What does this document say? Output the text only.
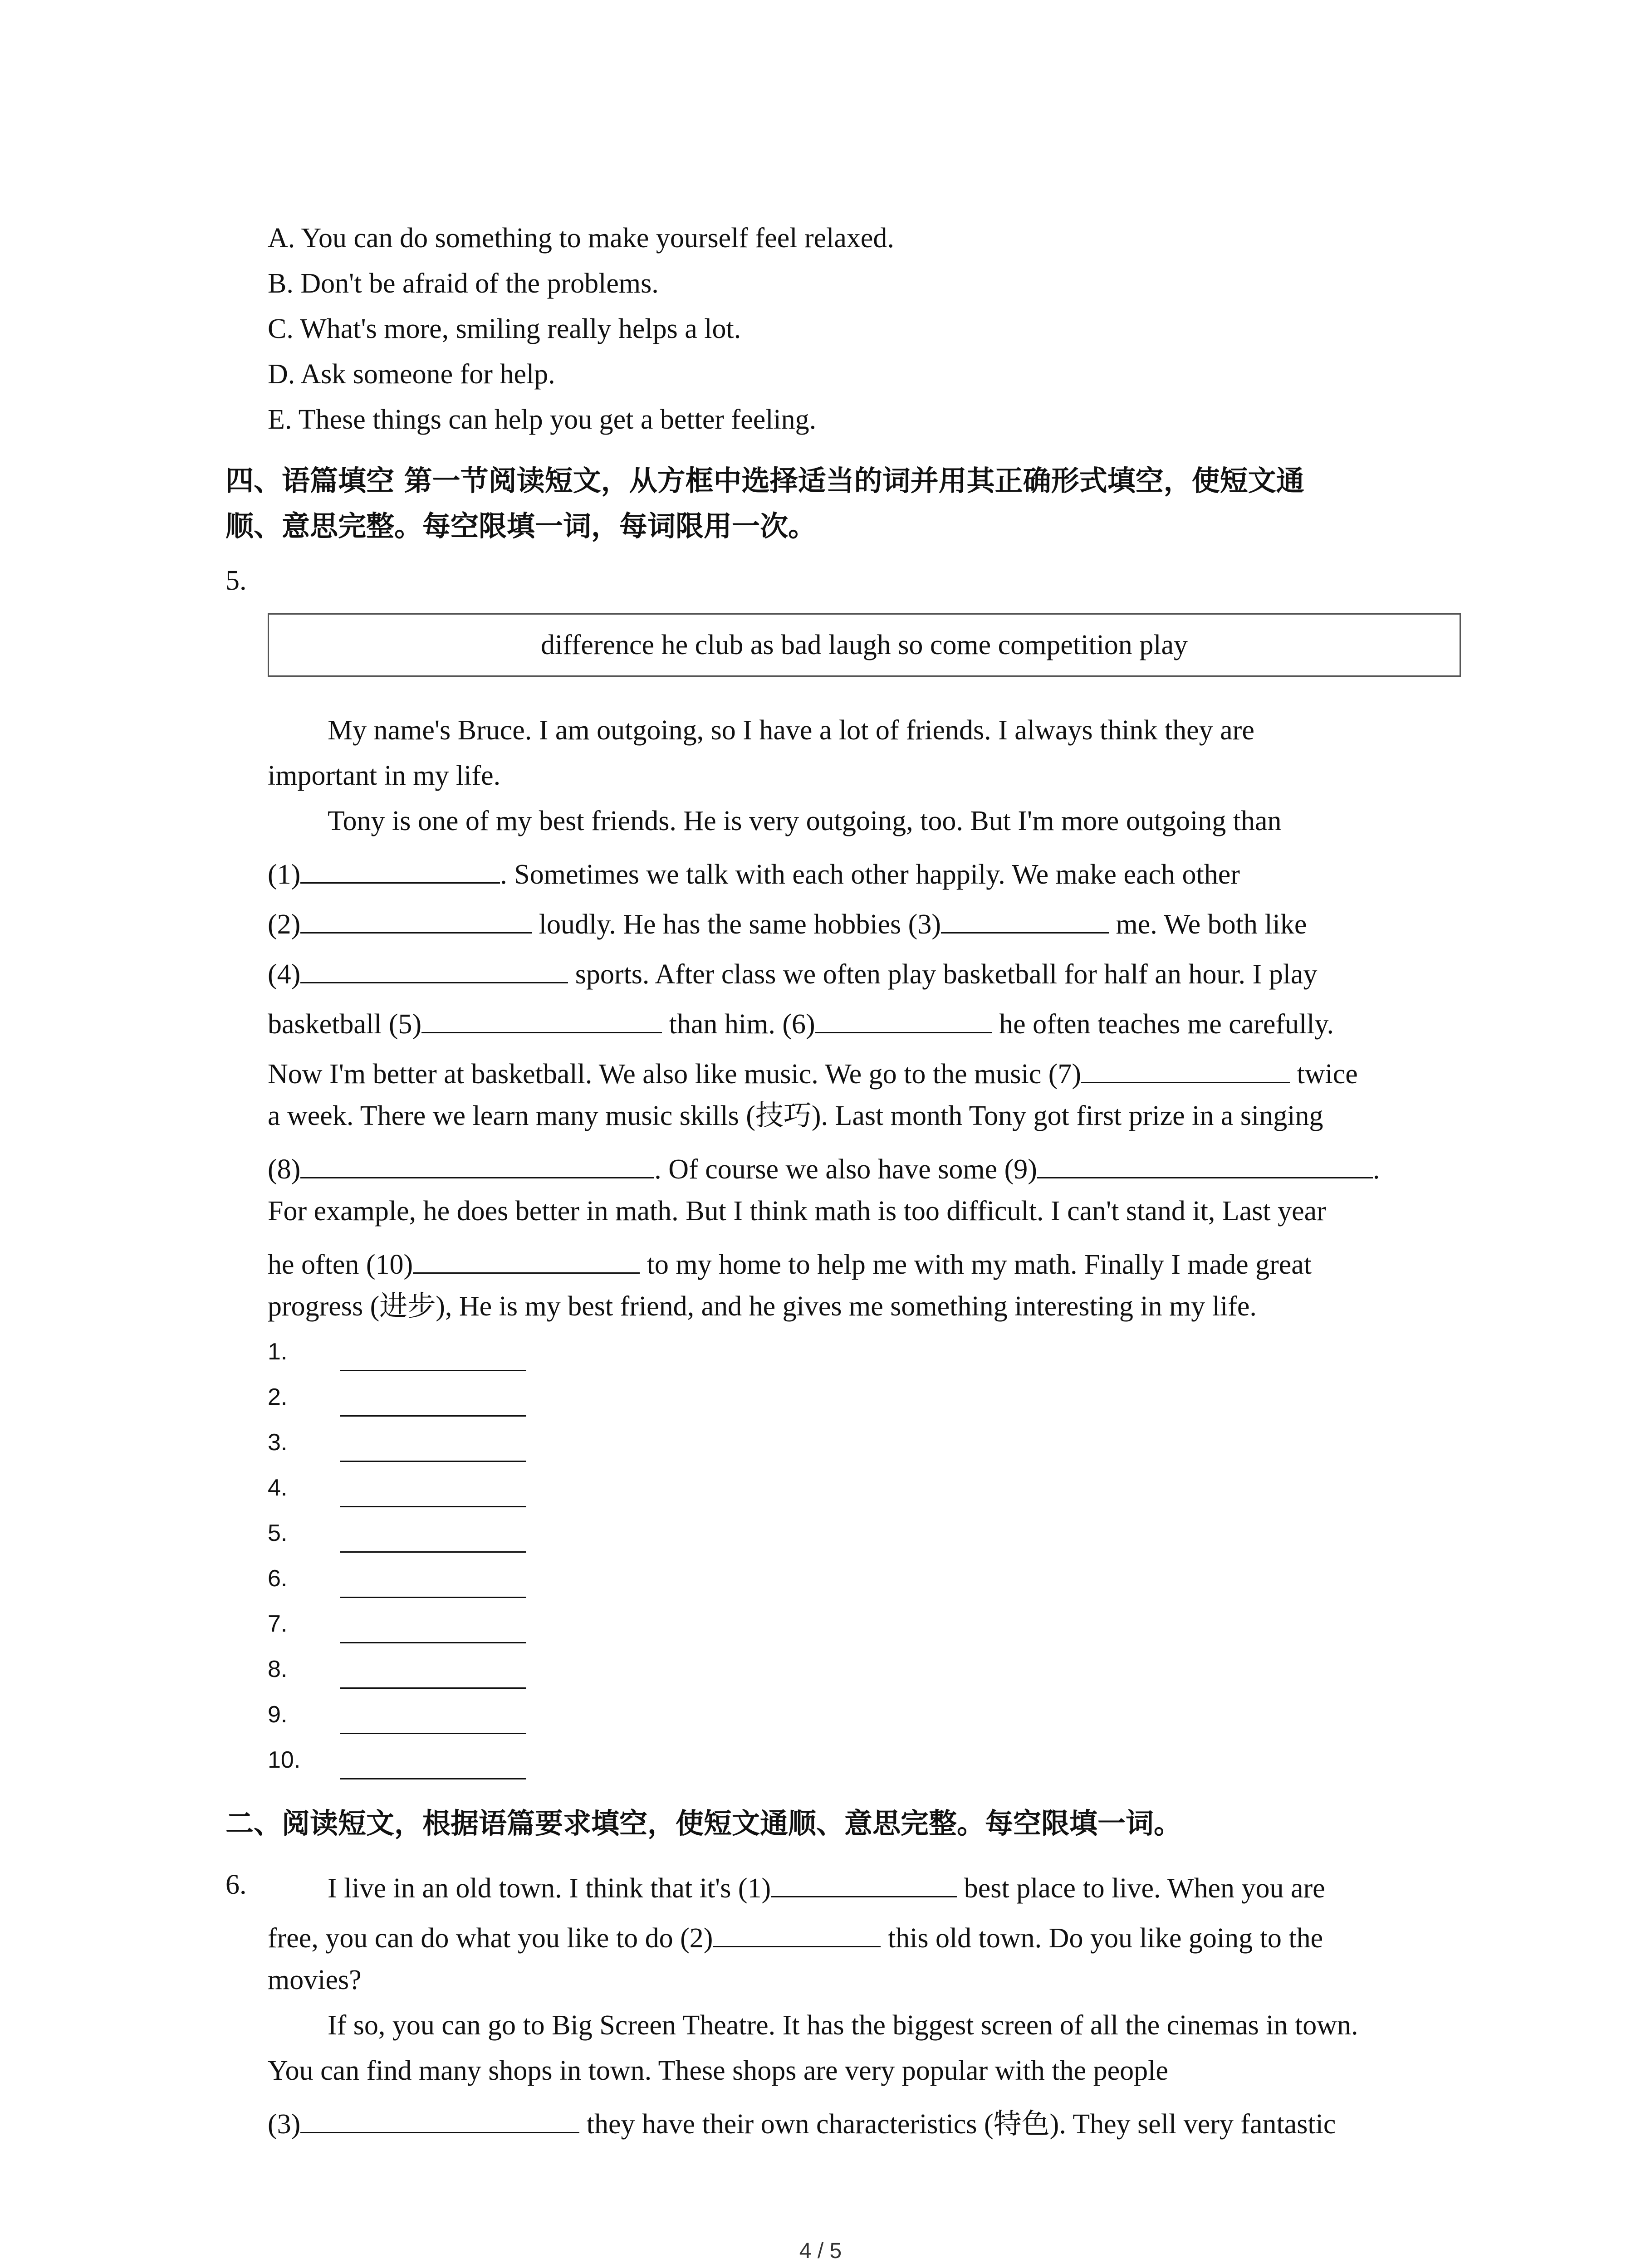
A. You can do something to make yourself feel relaxed.
B. Don't be afraid of the problems.
C. What's more, smiling really helps a lot.
D. Ask someone for help.
E. These things can help you get a better feeling.
四、语篇填空 第一节阅读短文，从方框中选择适当的词并用其正确形式填空，使短文通
顺、意思完整。每空限填一词，每词限用一次。
5.
difference he club as bad laugh so come competition play
My name's Bruce. I am outgoing, so I have a lot of friends. I always think they are
important in my life.
Tony is one of my best friends. He is very outgoing, too. But I'm more outgoing than
(1)	. Sometimes we talk with each other happily. We make each other
(2)	loudly. He has the same hobbies (3)	me. We both like
(4)	sports. After class we often play basketball for half an hour. I play
basketball (5)	than him. (6)	he often teaches me carefully.
Now I'm better at basketball. We also like music. We go to the music (7)	twice
a week. There we learn many music skills (技巧). Last month Tony got first prize in a singing
(8)	. Of course we also have some (9)	.
For example, he does better in math. But I think math is too difficult. I can't stand it, Last year
he often (10)	to my home to help me with my math. Finally I made great
progress (进步), He is my best friend, and he gives me something interesting in my life.
1.
2.
3.
4.
5.
6.
7.
8.
9.
10.
二、阅读短文，根据语篇要求填空，使短文通顺、意思完整。每空限填一词。
6.	I live in an old town. I think that it's (1)	best place to live. When you are
free, you can do what you like to do (2)	this old town. Do you like going to the
movies?
If so, you can go to Big Screen Theatre. It has the biggest screen of all the cinemas in town.
You can find many shops in town. These shops are very popular with the people
(3)	they have their own characteristics (特色). They sell very fantastic
4 / 5
